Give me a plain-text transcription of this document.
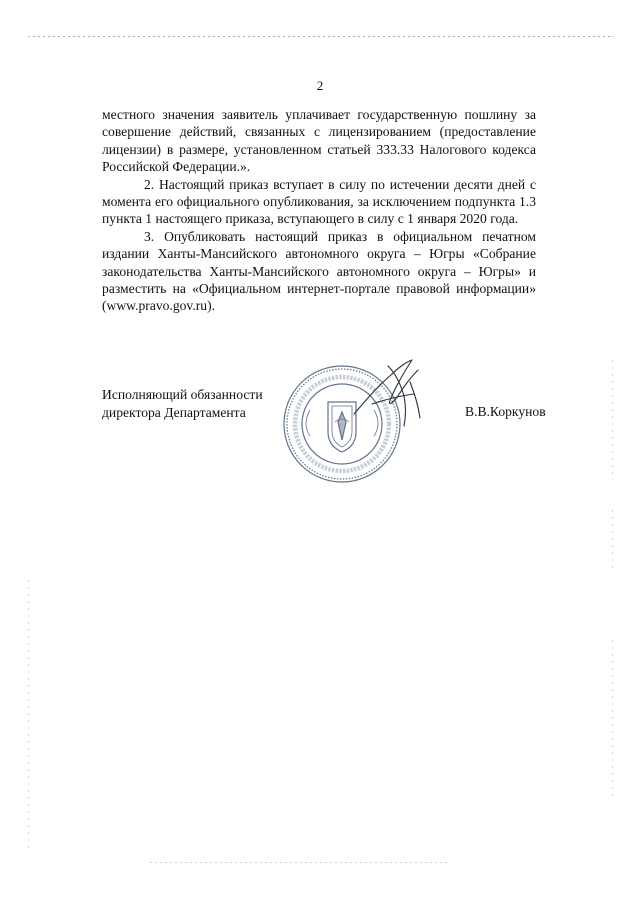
2

местного значения заявитель уплачивает государственную пошлину за совершение действий, связанных с лицензированием (предоставление лицензии) в размере, установленном статьей 333.33 Налогового кодекса Российской Федерации.».

2. Настоящий приказ вступает в силу по истечении десяти дней с момента его официального опубликования, за исключением подпункта 1.3 пункта 1 настоящего приказа, вступающего в силу с 1 января 2020 года.

3. Опубликовать настоящий приказ в официальном печатном издании Ханты-Мансийского автономного округа – Югры «Собрание законодательства Ханты-Мансийского автономного округа – Югры» и разместить на «Официальном интернет-портале правовой информации» (www.pravo.gov.ru).

Исполняющий обязанности
директора Департамента	В.В.Коркунов
